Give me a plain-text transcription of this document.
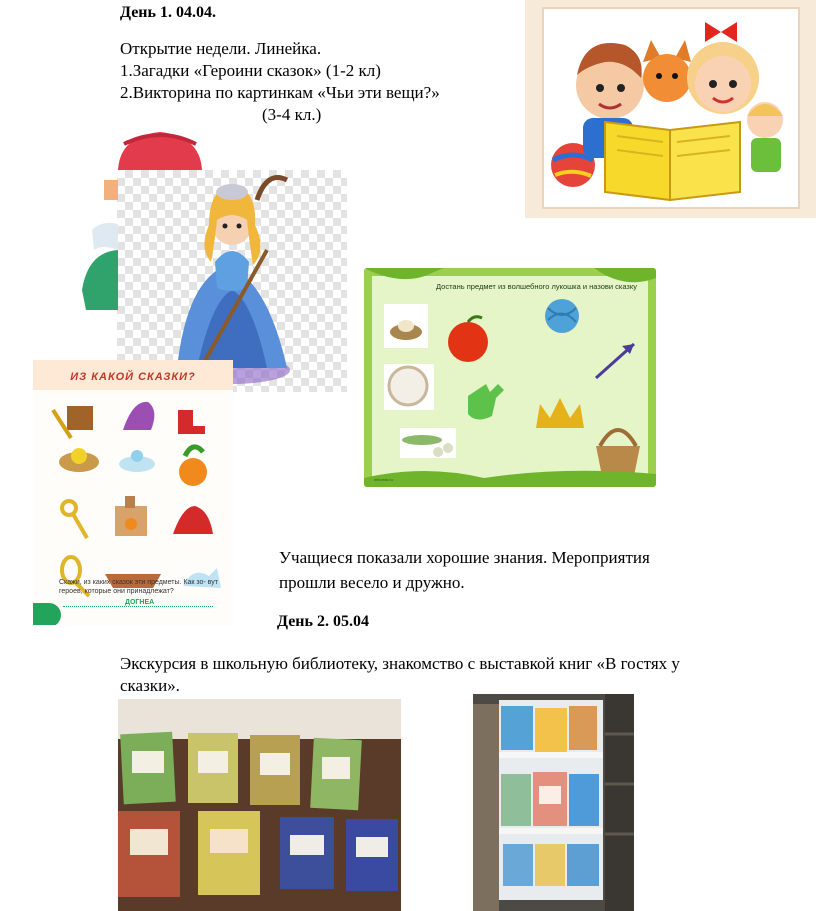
День 1. 04.04.
Открытие недели. Линейка.
1.Загадки «Героини сказок» (1-2 кл)
2.Викторина по картинкам «Чьи эти вещи?»
(3-4 кл.)
ИЗ КАКОЙ СКАЗКИ?
Скажи, из каких сказок эти предметы. Как зо- вут героев, которые они принадлежат?
ДОГНЕА
Достань предмет из волшебного лукошка и назови сказку
infourok.ru
Учащиеся показали хорошие знания. Мероприятия
прошли весело и дружно.
День 2. 05.04
Экскурсия в школьную библиотеку, знакомство с выставкой книг «В гостях у
сказки».
